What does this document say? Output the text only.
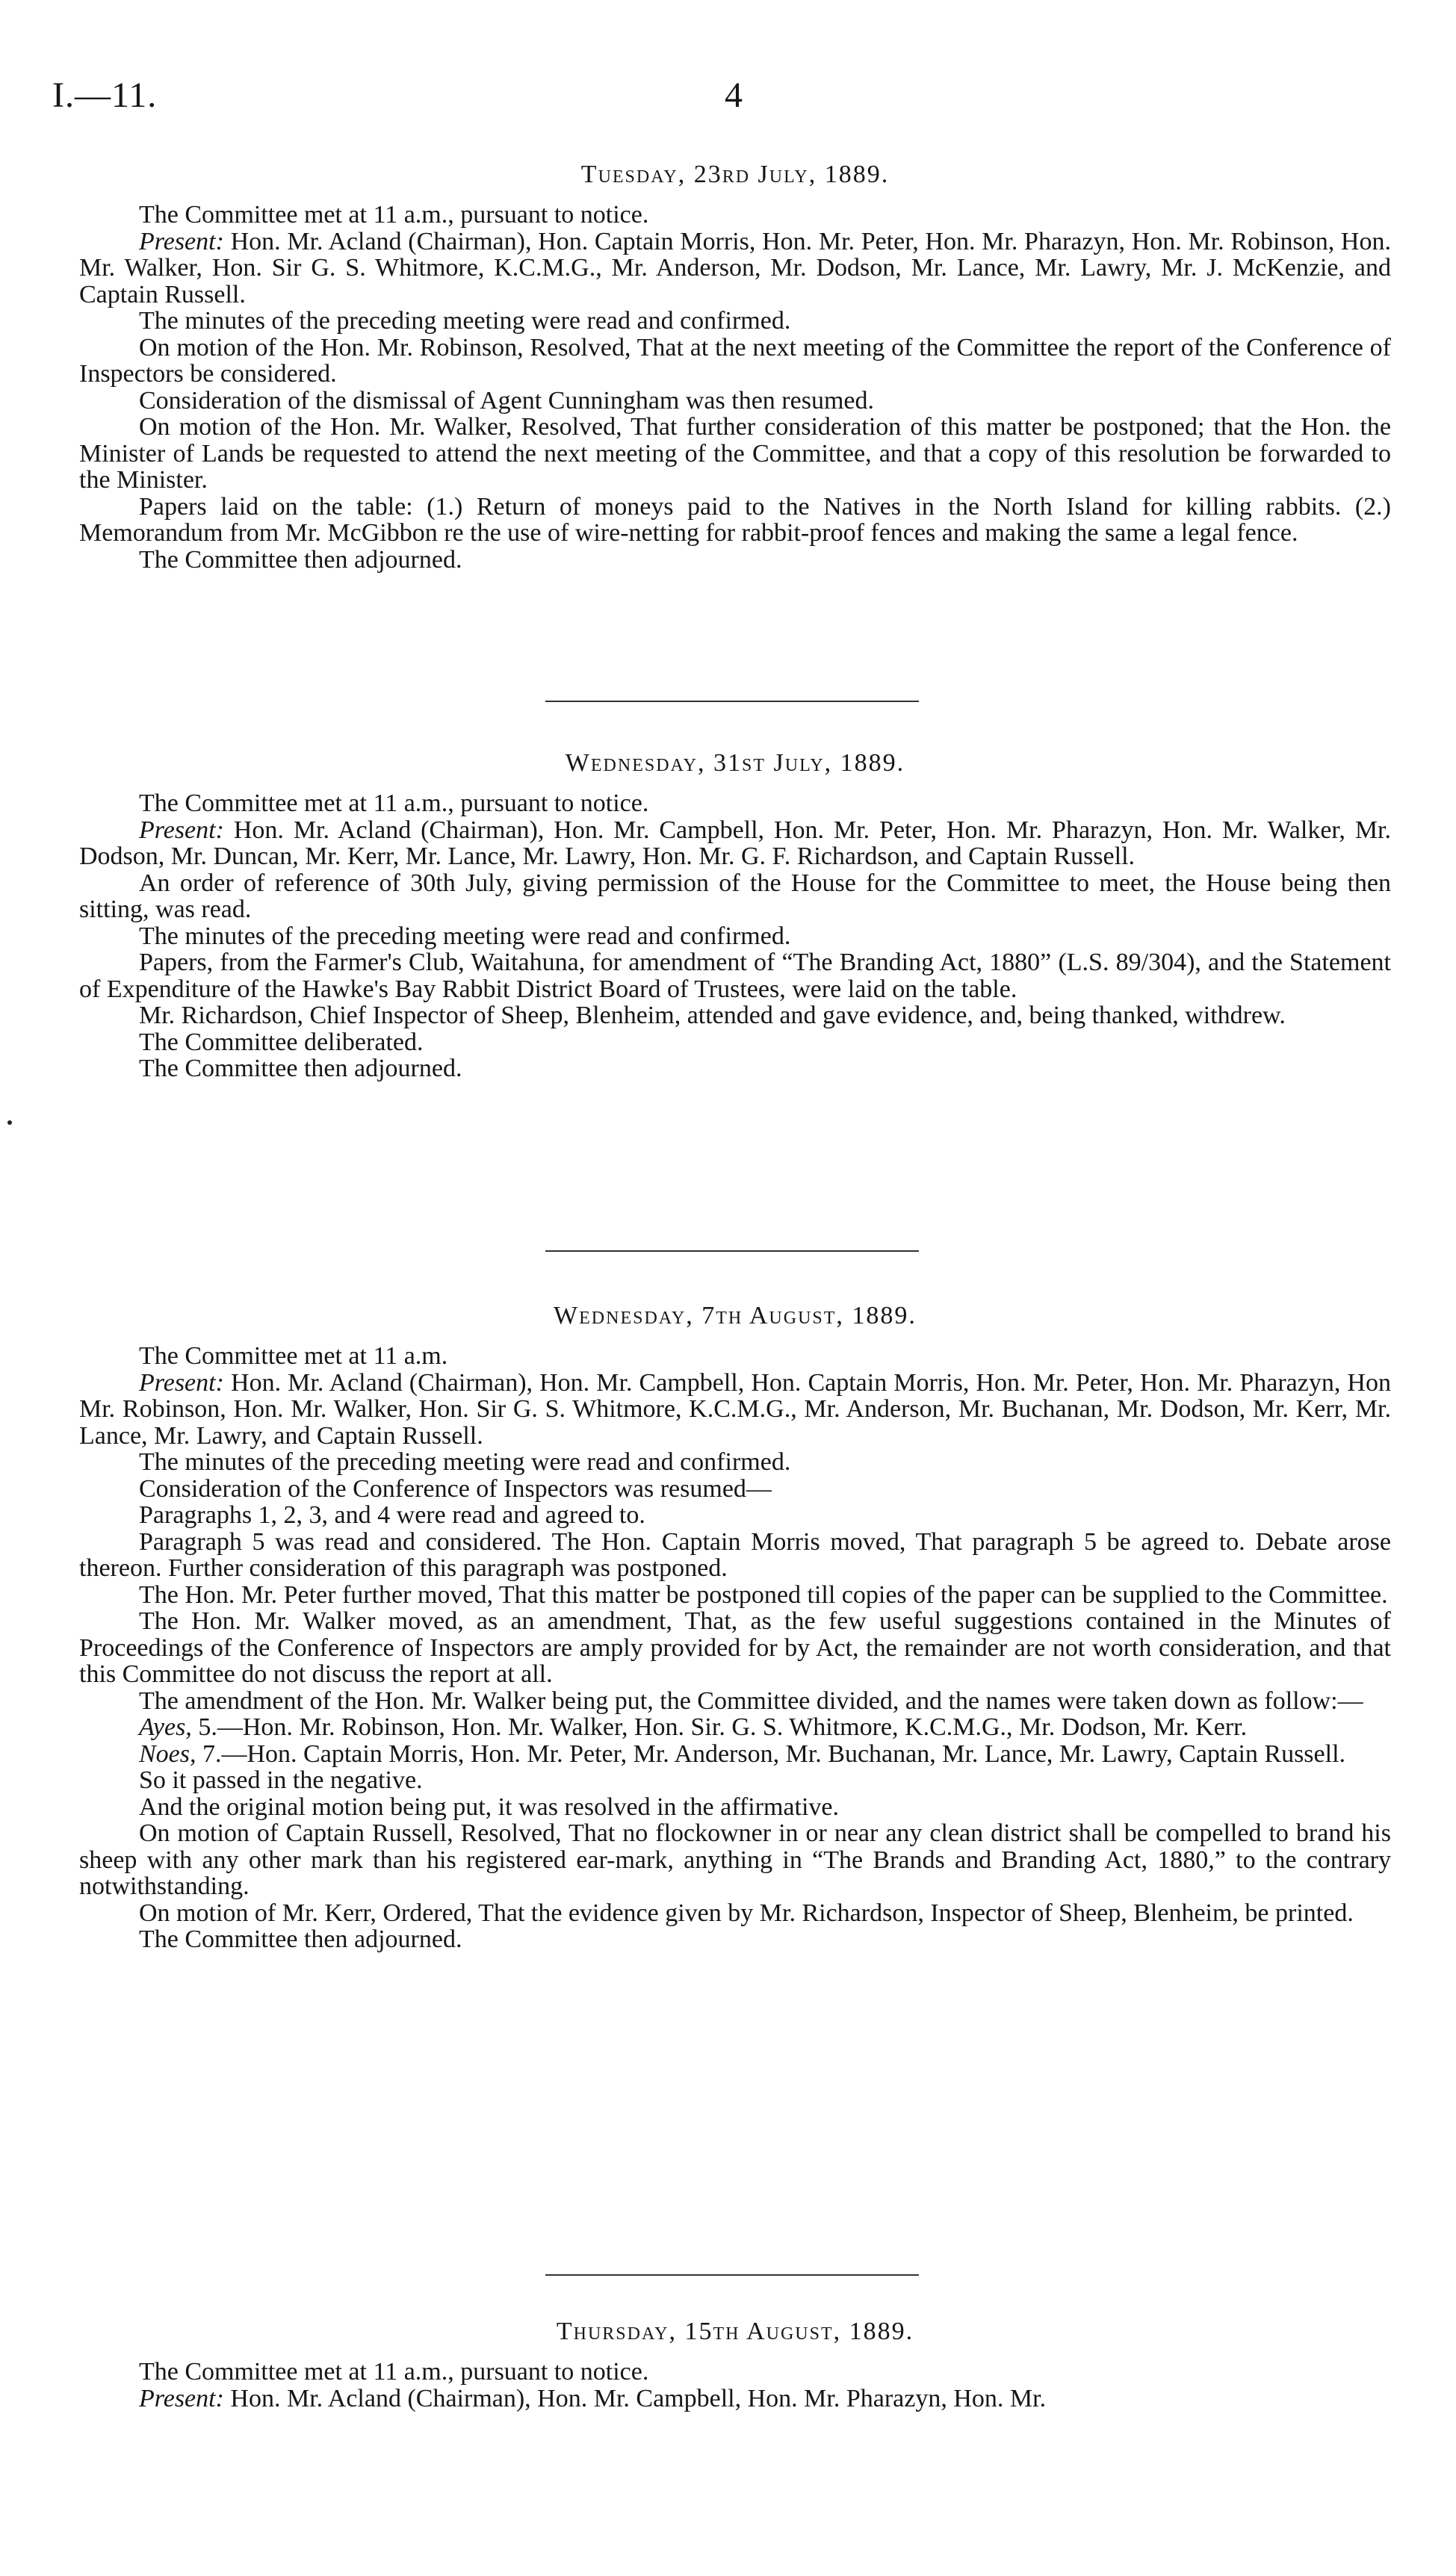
I.—11.	4
Tuesday, 23rd July, 1889.

The Committee met at 11 a.m., pursuant to notice.

Present: Hon. Mr. Acland (Chairman), Hon. Captain Morris, Hon. Mr. Peter, Hon. Mr. Pharazyn, Hon. Mr. Robinson, Hon. Mr. Walker, Hon. Sir G. S. Whitmore, K.C.M.G., Mr. Anderson, Mr. Dodson, Mr. Lance, Mr. Lawry, Mr. J. McKenzie, and Captain Russell.

The minutes of the preceding meeting were read and confirmed.

On motion of the Hon. Mr. Robinson, Resolved, That at the next meeting of the Committee the report of the Conference of Inspectors be considered.

Consideration of the dismissal of Agent Cunningham was then resumed.

On motion of the Hon. Mr. Walker, Resolved, That further consideration of this matter be postponed; that the Hon. the Minister of Lands be requested to attend the next meeting of the Committee, and that a copy of this resolution be forwarded to the Minister.

Papers laid on the table: (1.) Return of moneys paid to the Natives in the North Island for killing rabbits. (2.) Memorandum from Mr. McGibbon re the use of wire-netting for rabbit-proof fences and making the same a legal fence.

The Committee then adjourned.

Wednesday, 31st July, 1889.

The Committee met at 11 a.m., pursuant to notice.

Present: Hon. Mr. Acland (Chairman), Hon. Mr. Campbell, Hon. Mr. Peter, Hon. Mr. Pharazyn, Hon. Mr. Walker, Mr. Dodson, Mr. Duncan, Mr. Kerr, Mr. Lance, Mr. Lawry, Hon. Mr. G. F. Richardson, and Captain Russell.

An order of reference of 30th July, giving permission of the House for the Committee to meet, the House being then sitting, was read.

The minutes of the preceding meeting were read and confirmed.

Papers, from the Farmer's Club, Waitahuna, for amendment of “The Branding Act, 1880” (L.S. 89/304), and the Statement of Expenditure of the Hawke's Bay Rabbit District Board of Trustees, were laid on the table.

Mr. Richardson, Chief Inspector of Sheep, Blenheim, attended and gave evidence, and, being thanked, withdrew.

The Committee deliberated.

The Committee then adjourned.

Wednesday, 7th August, 1889.

The Committee met at 11 a.m.

Present: Hon. Mr. Acland (Chairman), Hon. Mr. Campbell, Hon. Captain Morris, Hon. Mr. Peter, Hon. Mr. Pharazyn, Hon Mr. Robinson, Hon. Mr. Walker, Hon. Sir G. S. Whitmore, K.C.M.G., Mr. Anderson, Mr. Buchanan, Mr. Dodson, Mr. Kerr, Mr. Lance, Mr. Lawry, and Captain Russell.

The minutes of the preceding meeting were read and confirmed.

Consideration of the Conference of Inspectors was resumed—

Paragraphs 1, 2, 3, and 4 were read and agreed to.

Paragraph 5 was read and considered. The Hon. Captain Morris moved, That paragraph 5 be agreed to. Debate arose thereon. Further consideration of this paragraph was postponed.

The Hon. Mr. Peter further moved, That this matter be postponed till copies of the paper can be supplied to the Committee.

The Hon. Mr. Walker moved, as an amendment, That, as the few useful suggestions contained in the Minutes of Proceedings of the Conference of Inspectors are amply provided for by Act, the remainder are not worth consideration, and that this Committee do not discuss the report at all.

The amendment of the Hon. Mr. Walker being put, the Committee divided, and the names were taken down as follow:—

Ayes, 5.—Hon. Mr. Robinson, Hon. Mr. Walker, Hon. Sir. G. S. Whitmore, K.C.M.G., Mr. Dodson, Mr. Kerr.

Noes, 7.—Hon. Captain Morris, Hon. Mr. Peter, Mr. Anderson, Mr. Buchanan, Mr. Lance, Mr. Lawry, Captain Russell.

So it passed in the negative.

And the original motion being put, it was resolved in the affirmative.

On motion of Captain Russell, Resolved, That no flockowner in or near any clean district shall be compelled to brand his sheep with any other mark than his registered ear-mark, anything in “The Brands and Branding Act, 1880,” to the contrary notwithstanding.

On motion of Mr. Kerr, Ordered, That the evidence given by Mr. Richardson, Inspector of Sheep, Blenheim, be printed.

The Committee then adjourned.

Thursday, 15th August, 1889.

The Committee met at 11 a.m., pursuant to notice.

Present: Hon. Mr. Acland (Chairman), Hon. Mr. Campbell, Hon. Mr. Pharazyn, Hon. Mr.
